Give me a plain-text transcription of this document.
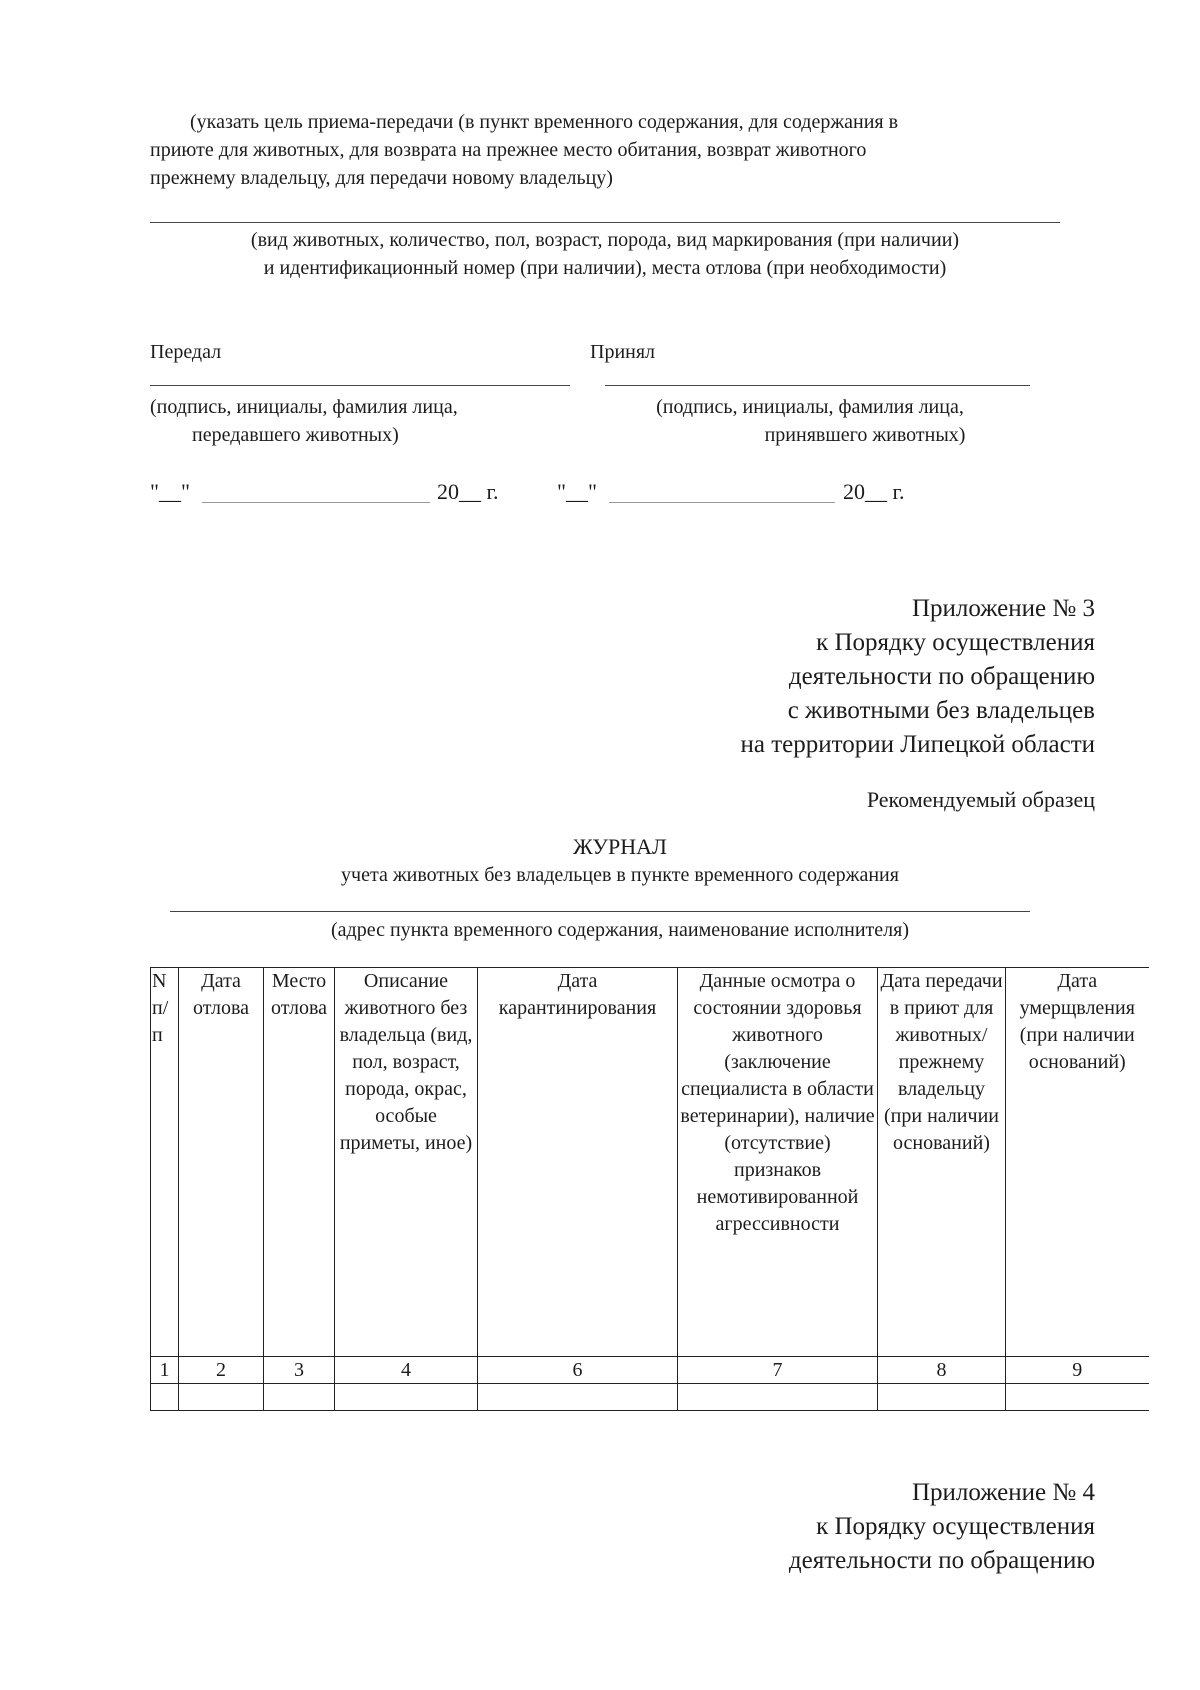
(указать цель приема-передачи (в пункт временного содержания, для содержания в
приюте для животных, для возврата на прежнее место обитания, возврат животного
прежнему владельцу, для передачи новому владельцу)
(вид животных, количество, пол, возраст, порода, вид маркирования (при наличии)
и идентификационный номер (при наличии), места отлова (при необходимости)
Передал	Принял
(подпись, инициалы, фамилия лица,
передавшего животных)
(подпись, инициалы, фамилия лица,
принявшего животных)
"__"	20__ г.	"__"	20__ г.
Приложение № 3
к Порядку осуществления
деятельности по обращению
с животными без владельцев
на территории Липецкой области
Рекомендуемый образец
ЖУРНАЛ
учета животных без владельцев в пункте временного содержания
(адрес пункта временного содержания, наименование исполнителя)
N п/п	Дата отлова	Место отлова	Описание животного без владельца (вид, пол, возраст, порода, окрас, особые приметы, иное)	Дата карантинирования	Данные осмотра о состоянии здоровья животного (заключение специалиста в области ветеринарии), наличие (отсутствие) признаков немотивированной агрессивности	Дата передачи в приют для животных/ прежнему владельцу (при наличии оснований)	Дата умерщвления (при наличии оснований)
1	2	3	4	6	7	8	9

Приложение № 4
к Порядку осуществления
деятельности по обращению
